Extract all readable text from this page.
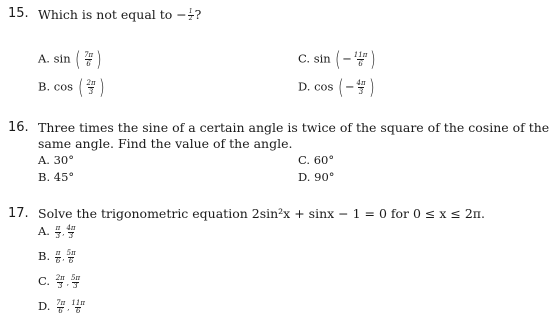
15. Which is not equal to − $\frac{1}{2}$ ?
A. sin ( $\frac{7\pi}{6}$ )
B. cos ( $\frac{2\pi}{3}$ )
C. sin (− $\frac{11\pi}{6}$ )
D. cos (− $\frac{4\pi}{3}$ )
16. Three times the sine of a certain angle is twice of the square of the cosine of the
same angle. Find the value of the angle.
A. 30°
B. 45°
C. 60°
D. 90°
17. Solve the trigonometric equation 2sin²x + sinx − 1 = 0 for 0 ≤ x ≤ 2π.
A. $\frac{\pi}{3}$ , $\frac{4\pi}{3}$
B. $\frac{\pi}{6}$ , $\frac{5\pi}{6}$
C. $\frac{2\pi}{3}$ , $\frac{5\pi}{3}$
D. $\frac{7\pi}{6}$ , $\frac{11\pi}{6}$
